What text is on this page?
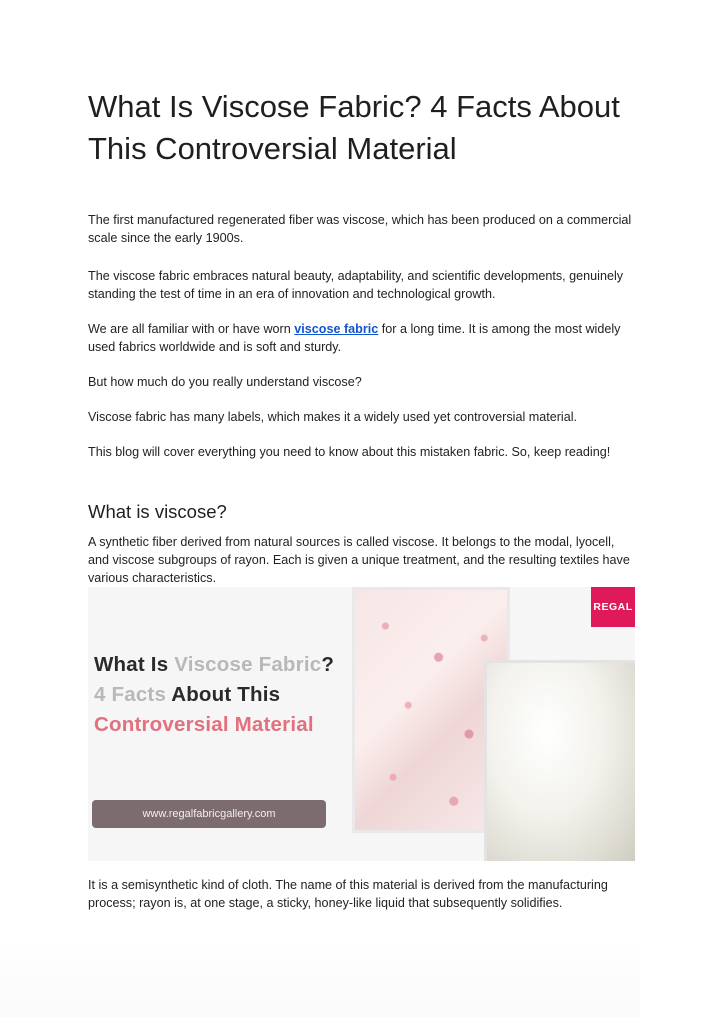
What Is Viscose Fabric? 4 Facts About This Controversial Material

The first manufactured regenerated fiber was viscose, which has been produced on a commercial scale since the early 1900s.

The viscose fabric embraces natural beauty, adaptability, and scientific developments, genuinely standing the test of time in an era of innovation and technological growth.

We are all familiar with or have worn viscose fabric for a long time. It is among the most widely used fabrics worldwide and is soft and sturdy.

But how much do you really understand viscose?

Viscose fabric has many labels, which makes it a widely used yet controversial material.

This blog will cover everything you need to know about this mistaken fabric. So, keep reading!

What is viscose?

A synthetic fiber derived from natural sources is called viscose. It belongs to the modal, lyocell, and viscose subgroups of rayon. Each is given a unique treatment, and the resulting textiles have various characteristics.

What Is Viscose Fabric?
4 Facts About This
Controversial Material
www.regalfabricgallery.com
REGAL

It is a semisynthetic kind of cloth. The name of this material is derived from the manufacturing process; rayon is, at one stage, a sticky, honey-like liquid that subsequently solidifies.
